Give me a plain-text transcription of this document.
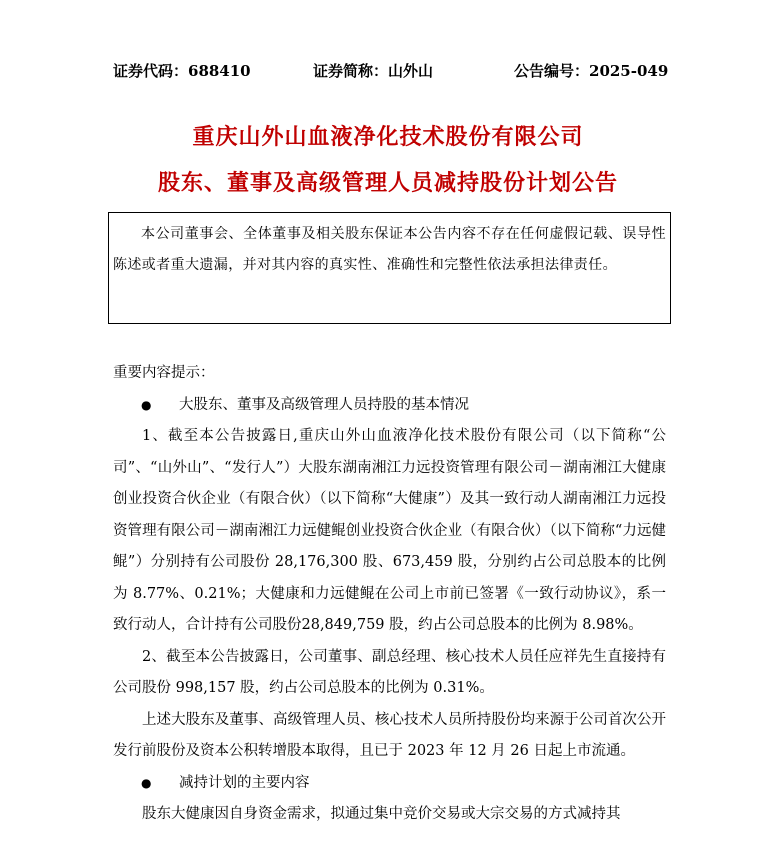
证券代码：688410	证券简称：山外山	公告编号：2025-049
重庆山外山血液净化技术股份有限公司
股东、董事及高级管理人员减持股份计划公告

本公司董事会、全体董事及相关股东保证本公告内容不存在任何虚假记载、误导性陈述或者重大遗漏，并对其内容的真实性、准确性和完整性依法承担法律责任。

重要内容提示：

● 大股东、董事及高级管理人员持股的基本情况

1、截至本公告披露日,重庆山外山血液净化技术股份有限公司（以下简称“公司”、“山外山”、“发行人”）大股东湖南湘江力远投资管理有限公司－湖南湘江大健康创业投资合伙企业（有限合伙）（以下简称“大健康”）及其一致行动人湖南湘江力远投资管理有限公司－湖南湘江力远健鲲创业投资合伙企业（有限合伙）（以下简称“力远健鲲”）分别持有公司股份 28,176,300 股、673,459 股，分别约占公司总股本的比例为 8.77%、0.21%；大健康和力远健鲲在公司上市前已签署《一致行动协议》，系一致行动人，合计持有公司股份28,849,759 股，约占公司总股本的比例为 8.98%。

2、截至本公告披露日，公司董事、副总经理、核心技术人员任应祥先生直接持有公司股份 998,157 股，约占公司总股本的比例为 0.31%。

上述大股东及董事、高级管理人员、核心技术人员所持股份均来源于公司首次公开发行前股份及资本公积转增股本取得，且已于 2023 年 12 月 26 日起上市流通。

● 减持计划的主要内容

股东大健康因自身资金需求，拟通过集中竞价交易或大宗交易的方式减持其
